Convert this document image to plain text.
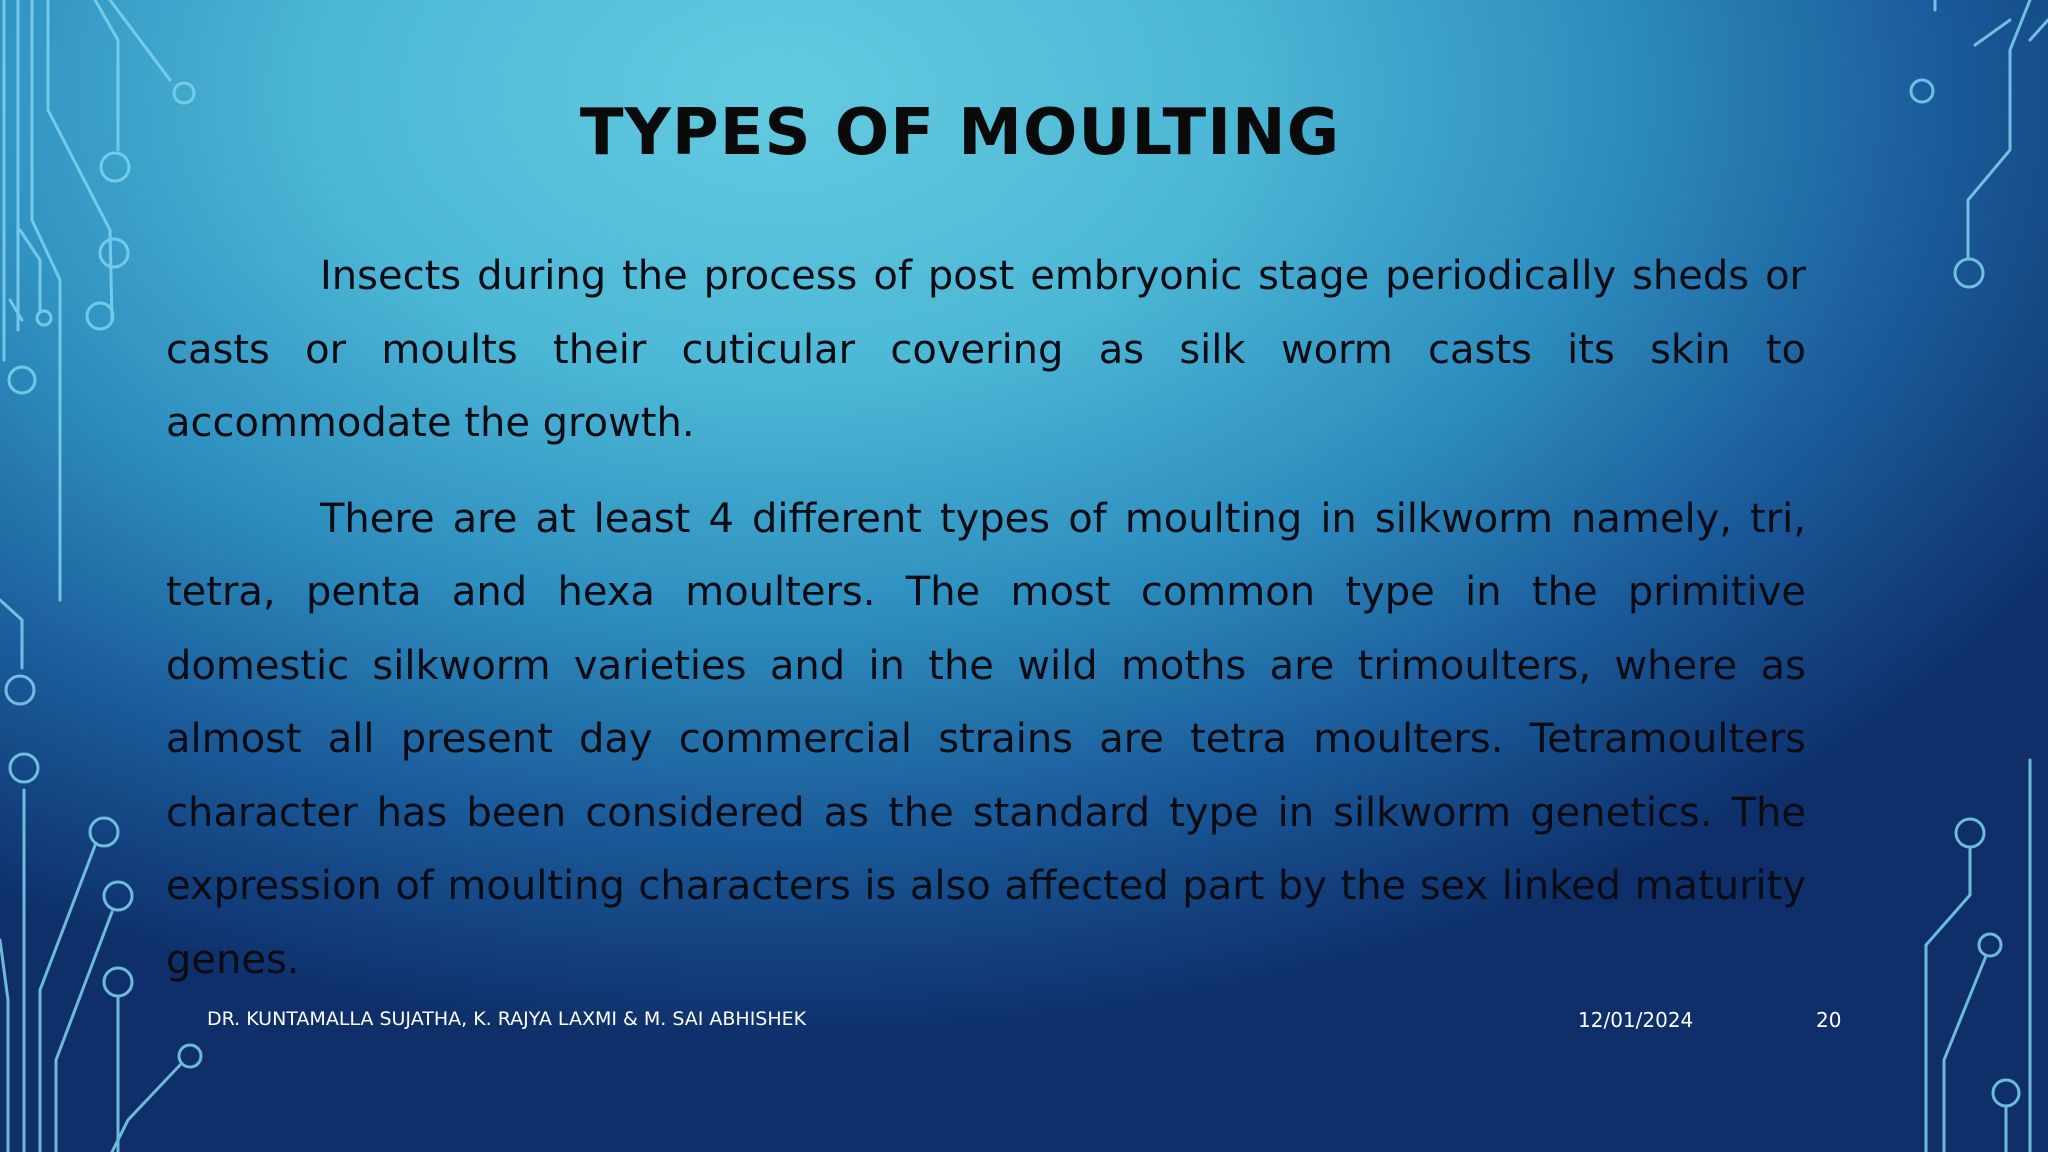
TYPES OF MOULTING

Insects during the process of post embryonic stage periodically sheds or casts or moults their cuticular covering as silk worm casts its skin to accommodate the growth.

There are at least 4 different types of moulting in silkworm namely, tri, tetra, penta and hexa moulters. The most common type in the primitive domestic silkworm varieties and in the wild moths are trimoulters, where as almost all present day commercial strains are tetra moulters. Tetramoulters character has been considered as the standard type in silkworm genetics. The expression of moulting characters is also affected part by the sex linked maturity genes.

DR. KUNTAMALLA SUJATHA, K. RAJYA LAXMI & M. SAI ABHISHEK	12/01/2024	20
